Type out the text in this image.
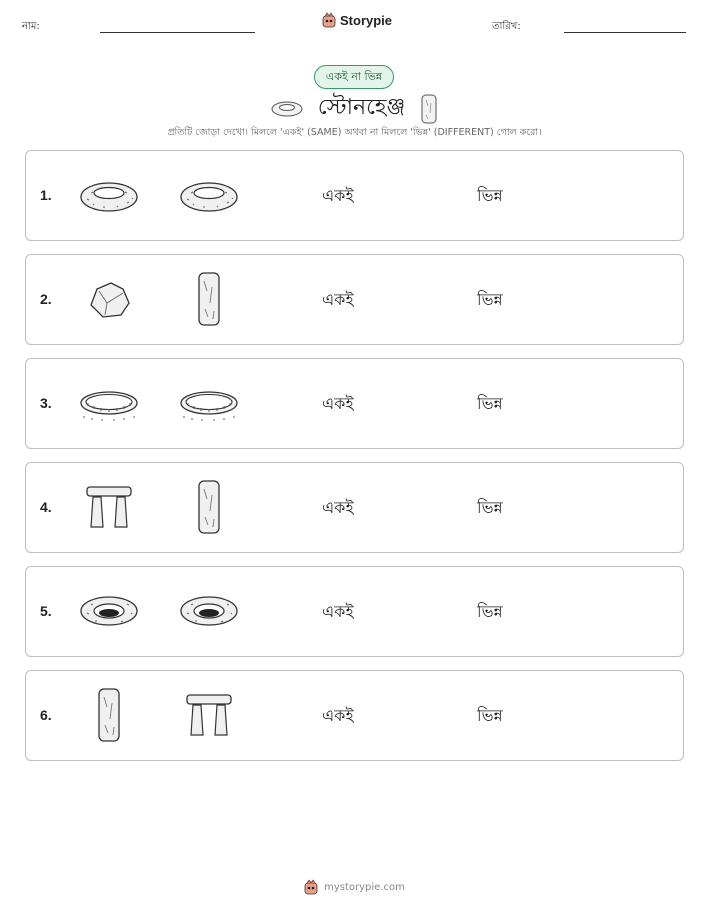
নাম:	Storypie	তারিখ:
একই না ভিন্ন
স্টোনহেঞ্জ
প্রতিটি জোড়া দেখো। মিললে 'একই' (SAME) অথবা না মিললে 'ভিন্ন' (DIFFERENT) গোল করো।
1.	একই	ভিন্ন
2.	একই	ভিন্ন
3.	একই	ভিন্ন
4.	একই	ভিন্ন
5.	একই	ভিন্ন
6.	একই	ভিন্ন
mystorypie.com
